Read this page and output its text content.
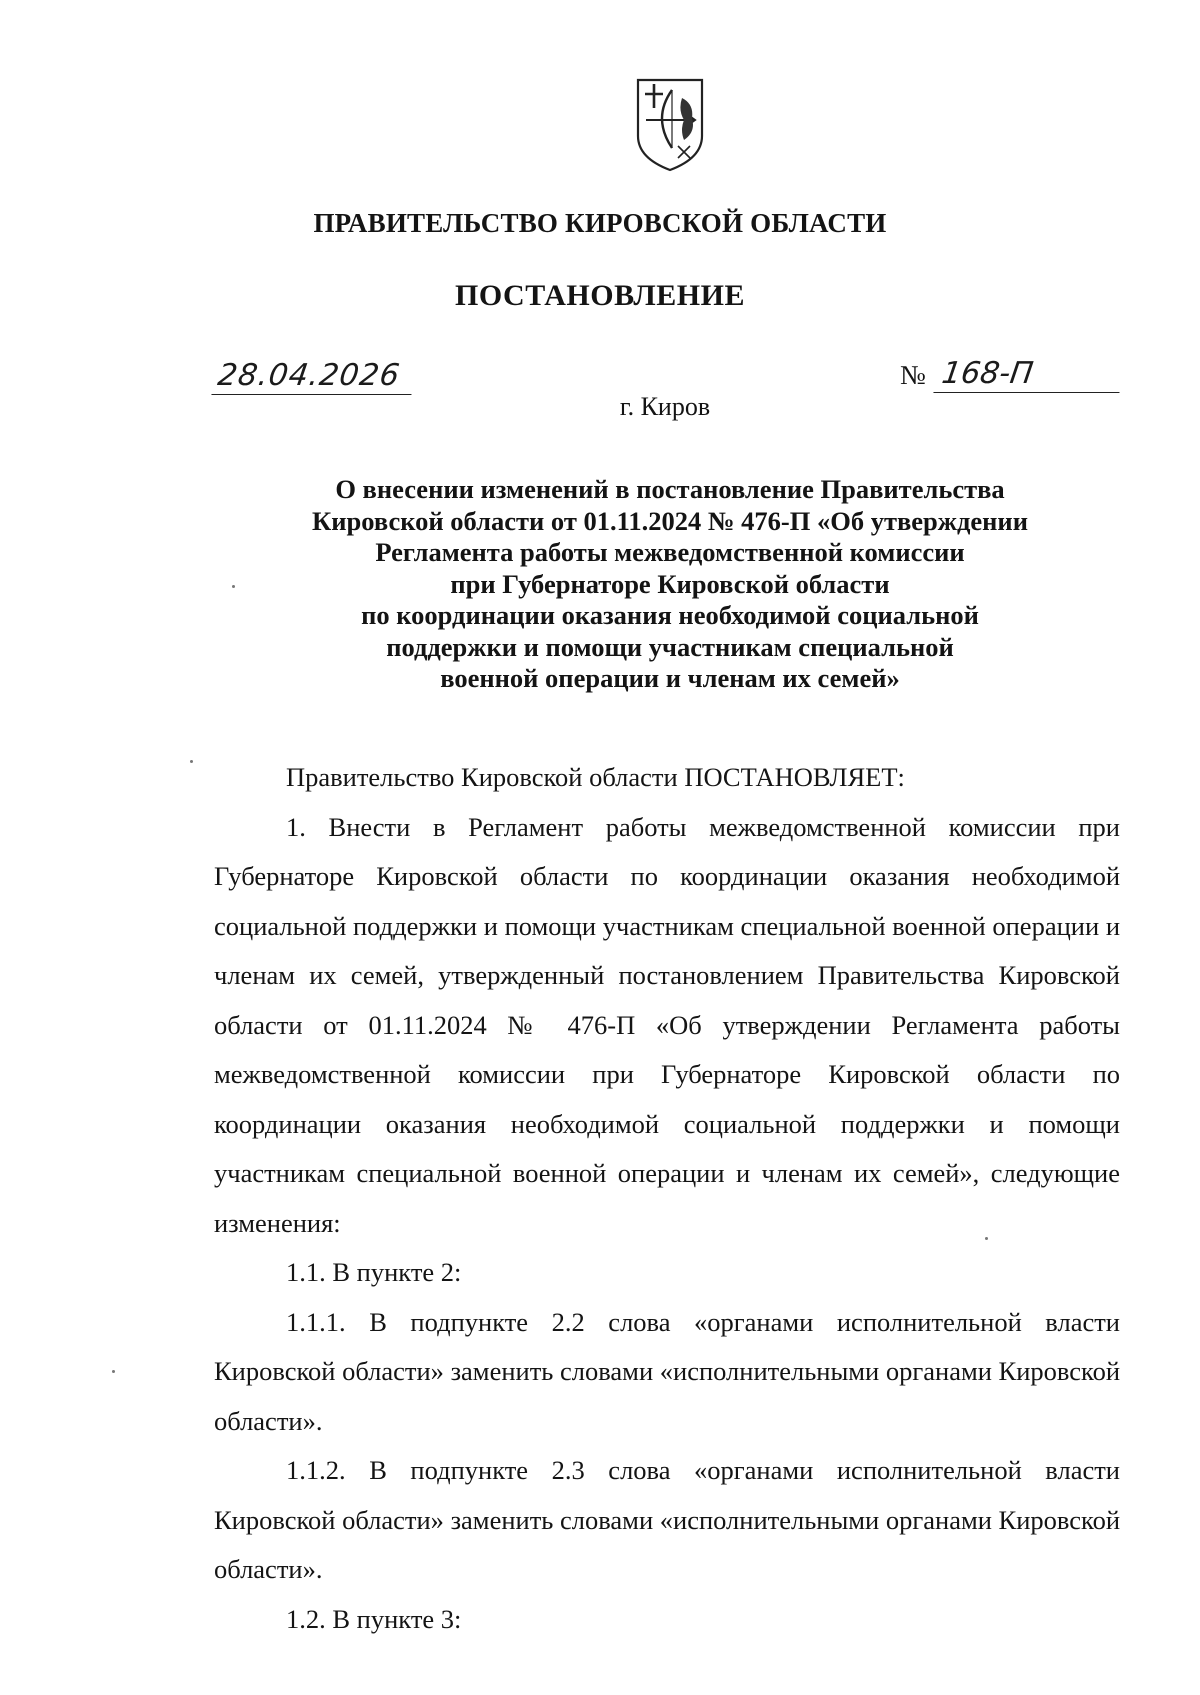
ПРАВИТЕЛЬСТВО КИРОВСКОЙ ОБЛАСТИ
ПОСТАНОВЛЕНИЕ
28.04.2026	№ 168-П
г. Киров
О внесении изменений в постановление Правительства
Кировской области от 01.11.2024 № 476-П «Об утверждении
Регламента работы межведомственной комиссии
при Губернаторе Кировской области
по координации оказания необходимой социальной
поддержки и помощи участникам специальной
военной операции и членам их семей»

Правительство Кировской области ПОСТАНОВЛЯЕТ:

1. Внести в Регламент работы межведомственной комиссии при Губернаторе Кировской области по координации оказания необходимой социальной поддержки и помощи участникам специальной военной операции и членам их семей, утвержденный постановлением Правительства Кировской области от 01.11.2024 № 476-П «Об утверждении Регламента работы межведомственной комиссии при Губернаторе Кировской области по координации оказания необходимой социальной поддержки и помощи участникам специальной военной операции и членам их семей», следующие изменения:

1.1. В пункте 2:

1.1.1. В подпункте 2.2 слова «органами исполнительной власти Кировской области» заменить словами «исполнительными органами Кировской области».

1.1.2. В подпункте 2.3 слова «органами исполнительной власти Кировской области» заменить словами «исполнительными органами Кировской области».

1.2. В пункте 3:
